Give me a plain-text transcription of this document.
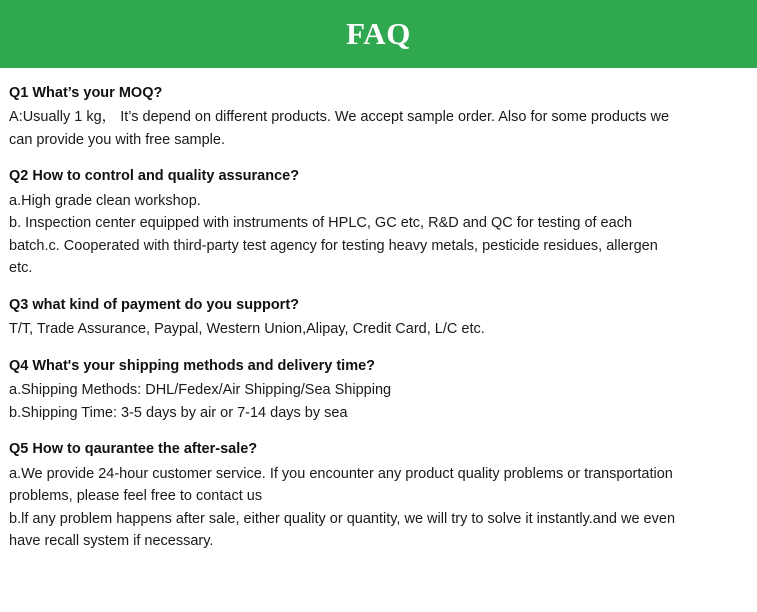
FAQ
Q1 What’s your MOQ?
A:Usually 1 kg， It’s depend on different products. We accept sample order. Also for some products we
can provide you with free sample.
Q2 How to control and quality assurance?
a.High grade clean workshop.
b. Inspection center equipped with instruments of HPLC, GC etc, R&D and QC for testing of each
batch.c. Cooperated with third-party test agency for testing heavy metals, pesticide residues, allergen
etc.
Q3 what kind of payment do you support?
T/T, Trade Assurance, Paypal, Western Union,Alipay, Credit Card, L/C etc.
Q4 What's your shipping methods and delivery time?
a.Shipping Methods: DHL/Fedex/Air Shipping/Sea Shipping
b.Shipping Time: 3-5 days by air or 7-14 days by sea
Q5 How to qaurantee the after-sale?
a.We provide 24-hour customer service. If you encounter any product quality problems or transportation
problems, please feel free to contact us
b.lf any problem happens after sale, either quality or quantity, we will try to solve it instantly.and we even
have recall system if necessary.
